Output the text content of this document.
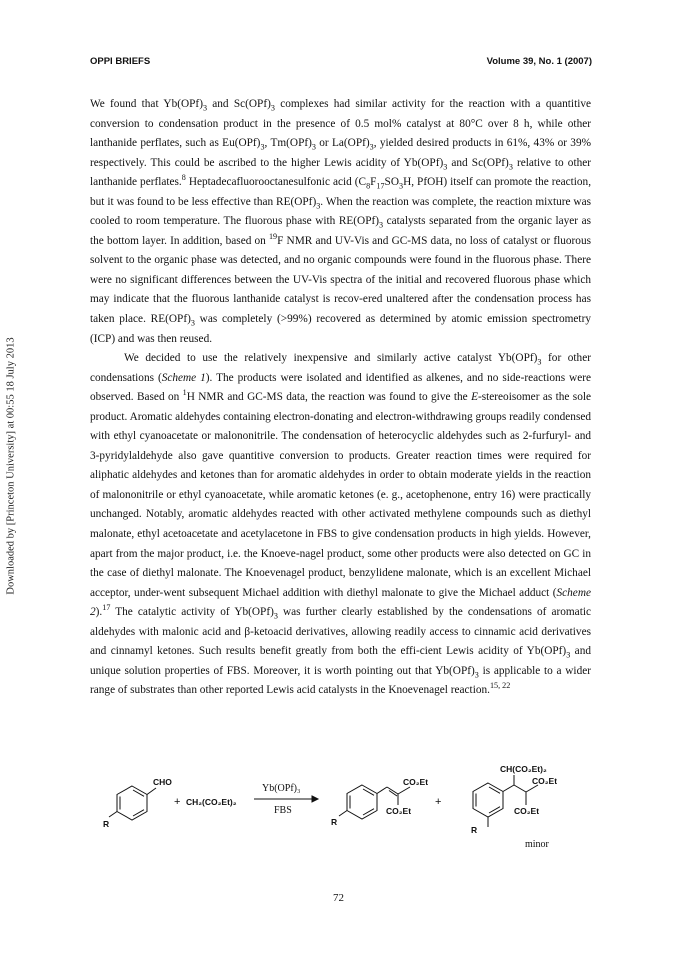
OPPI BRIEFS	Volume 39, No. 1 (2007)
Downloaded by [Princeton University] at 00:55 18 July 2013

We found that $Yb(OPf)_3$ and $Sc(OPf)_3$ complexes had similar activity for the reaction with a quantitive conversion to condensation product in the presence of 0.5 mol% catalyst at 80°C over 8 h, while other lanthanide perflates, such as $Eu(OPf)_3$, $Tm(OPf)_3$ or $La(OPf)_3$, yielded desired products in 61%, 43% or 39% respectively. This could be ascribed to the higher Lewis acidity of $Yb(OPf)_3$ and $Sc(OPf)_3$ relative to other lanthanide perflates.$^8$ Heptadecafluorooctanesulfonic acid ($C_8F_{17}SO_3H$, PfOH) itself can promote the reaction, but it was found to be less effective than $RE(OPf)_3$. When the reaction was complete, the reaction mixture was cooled to room temperature. The fluorous phase with $RE(OPf)_3$ catalysts separated from the organic layer as the bottom layer. In addition, based on $^{19}$F NMR and UV-Vis and GC-MS data, no loss of catalyst or fluorous solvent to the organic phase was detected, and no organic compounds were found in the fluorous phase. There were no significant differences between the UV-Vis spectra of the initial and recovered fluorous phase which may indicate that the fluorous lanthanide catalyst is recov-ered unaltered after the condensation process has taken place. $RE(OPf)_3$ was completely (>99%) recovered as determined by atomic emission spectrometry (ICP) and was then reused.

We decided to use the relatively inexpensive and similarly active catalyst $Yb(OPf)_3$ for other condensations (Scheme 1). The products were isolated and identified as alkenes, and no side-reactions were observed. Based on $^1$H NMR and GC-MS data, the reaction was found to give the E-stereoisomer as the sole product. Aromatic aldehydes containing electron-donating and electron-withdrawing groups readily condensed with ethyl cyanoacetate or malononitrile. The condensation of heterocyclic aldehydes such as 2-furfuryl- and 3-pyridylaldehyde also gave quantitive conversion to products. Greater reaction times were required for aliphatic aldehydes and ketones than for aromatic aldehydes in order to obtain moderate yields in the reaction of malononitrile or ethyl cyanoacetate, while aromatic ketones (e. g., acetophenone, entry 16) were practically unchanged. Notably, aromatic aldehydes reacted with other activated methylene compounds such as diethyl malonate, ethyl acetoacetate and acetylacetone in FBS to give condensation products in high yields. However, apart from the major product, i.e. the Knoeve-nagel product, some other products were also detected on GC in the case of diethyl malonate. The Knoevenagel product, benzylidene malonate, which is an excellent Michael acceptor, under-went subsequent Michael addition with diethyl malonate to give the Michael adduct (Scheme 2).$^{17}$ The catalytic activity of $Yb(OPf)_3$ was further clearly established by the condensations of aromatic aldehydes with malonic acid and β-ketoacid derivatives, allowing readily access to cinnamic acid derivatives and cinnamyl ketones. Such results benefit greatly from both the effi-cient Lewis acidity of $Yb(OPf)_3$ and unique solution properties of FBS. Moreover, it is worth pointing out that $Yb(OPf)_3$ is applicable to a wider range of substrates than other reported Lewis acid catalysts in the Knoevenagel reaction.$^{15, 22}$

CHO
R
+ CH₂(CO₂Et)₂
CO₂Et
CO₂Et
R
+
CH(CO₂Et)₂
CO₂Et
CO₂Et
R
Yb(OPf)₃
FBS
minor
72
